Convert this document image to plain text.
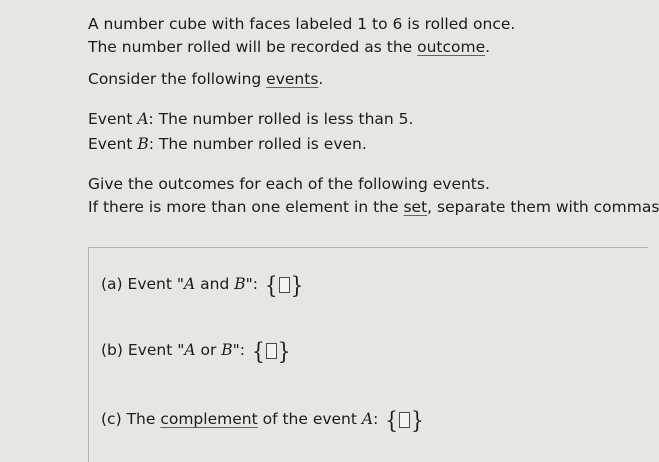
A number cube with faces labeled 1 to 6 is rolled once.
The number rolled will be recorded as the outcome.
Consider the following events.
Event A: The number rolled is less than 5.
Event B: The number rolled is even.
Give the outcomes for each of the following events.
If there is more than one element in the set, separate them with commas
(a) Event "A and B": { }
(b) Event "A or B": { }
(c) The complement of the event A: { }
